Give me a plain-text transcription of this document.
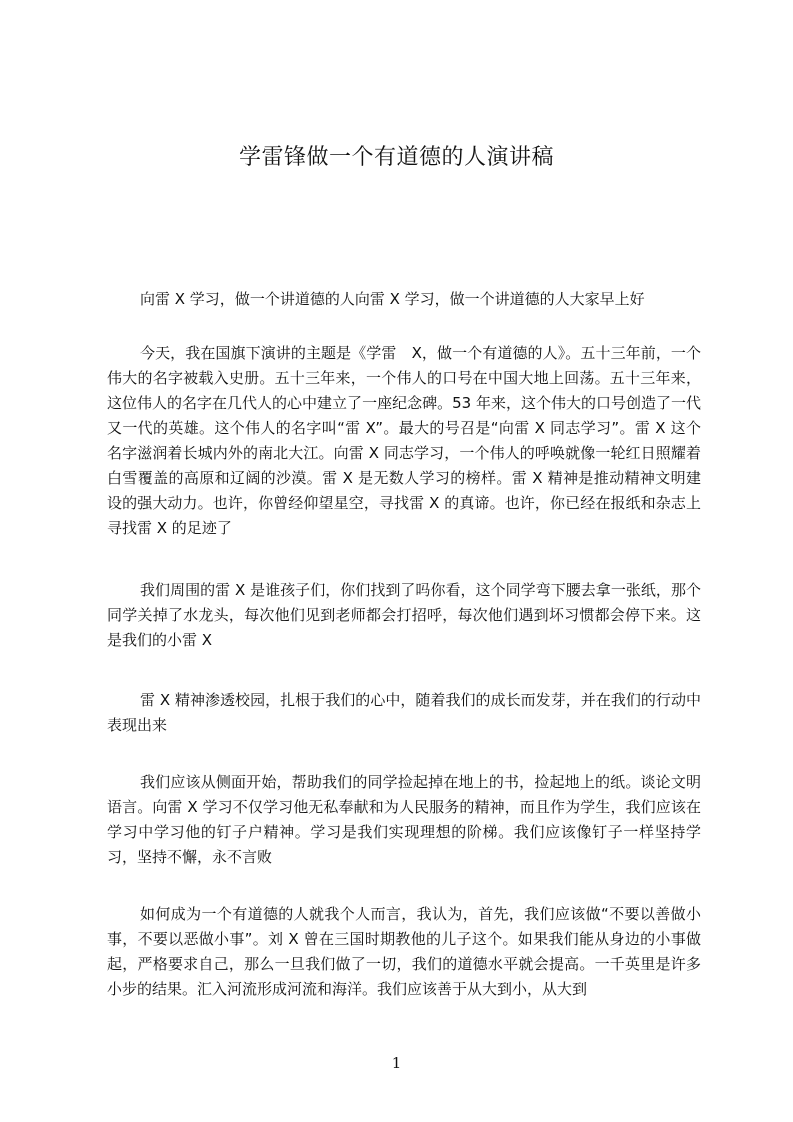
学雷锋做一个有道德的人演讲稿

向雷 X 学习，做一个讲道德的人向雷 X 学习，做一个讲道德的人大家早上好

今天，我在国旗下演讲的主题是《学雷　X，做一个有道德的人》。五十三年前，一个伟大的名字被载入史册。五十三年来，一个伟人的口号在中国大地上回荡。五十三年来，这位伟人的名字在几代人的心中建立了一座纪念碑。53 年来，这个伟大的口号创造了一代又一代的英雄。这个伟人的名字叫“雷 X”。最大的号召是“向雷 X 同志学习”。雷 X 这个名字滋润着长城内外的南北大江。向雷 X 同志学习，一个伟人的呼唤就像一轮红日照耀着白雪覆盖的高原和辽阔的沙漠。雷 X 是无数人学习的榜样。雷 X 精神是推动精神文明建设的强大动力。也许，你曾经仰望星空，寻找雷 X 的真谛。也许，你已经在报纸和杂志上寻找雷 X 的足迹了

我们周围的雷 X 是谁孩子们，你们找到了吗你看，这个同学弯下腰去拿一张纸，那个同学关掉了水龙头，每次他们见到老师都会打招呼，每次他们遇到坏习惯都会停下来。这是我们的小雷 X

雷 X 精神渗透校园，扎根于我们的心中，随着我们的成长而发芽，并在我们的行动中表现出来

我们应该从侧面开始，帮助我们的同学捡起掉在地上的书，捡起地上的纸。谈论文明语言。向雷 X 学习不仅学习他无私奉献和为人民服务的精神，而且作为学生，我们应该在学习中学习他的钉子户精神。学习是我们实现理想的阶梯。我们应该像钉子一样坚持学习，坚持不懈，永不言败

如何成为一个有道德的人就我个人而言，我认为，首先，我们应该做“不要以善做小事，不要以恶做小事”。刘 X 曾在三国时期教他的儿子这个。如果我们能从身边的小事做起，严格要求自己，那么一旦我们做了一切，我们的道德水平就会提高。一千英里是许多小步的结果。汇入河流形成河流和海洋。我们应该善于从大到小，从大到

1
